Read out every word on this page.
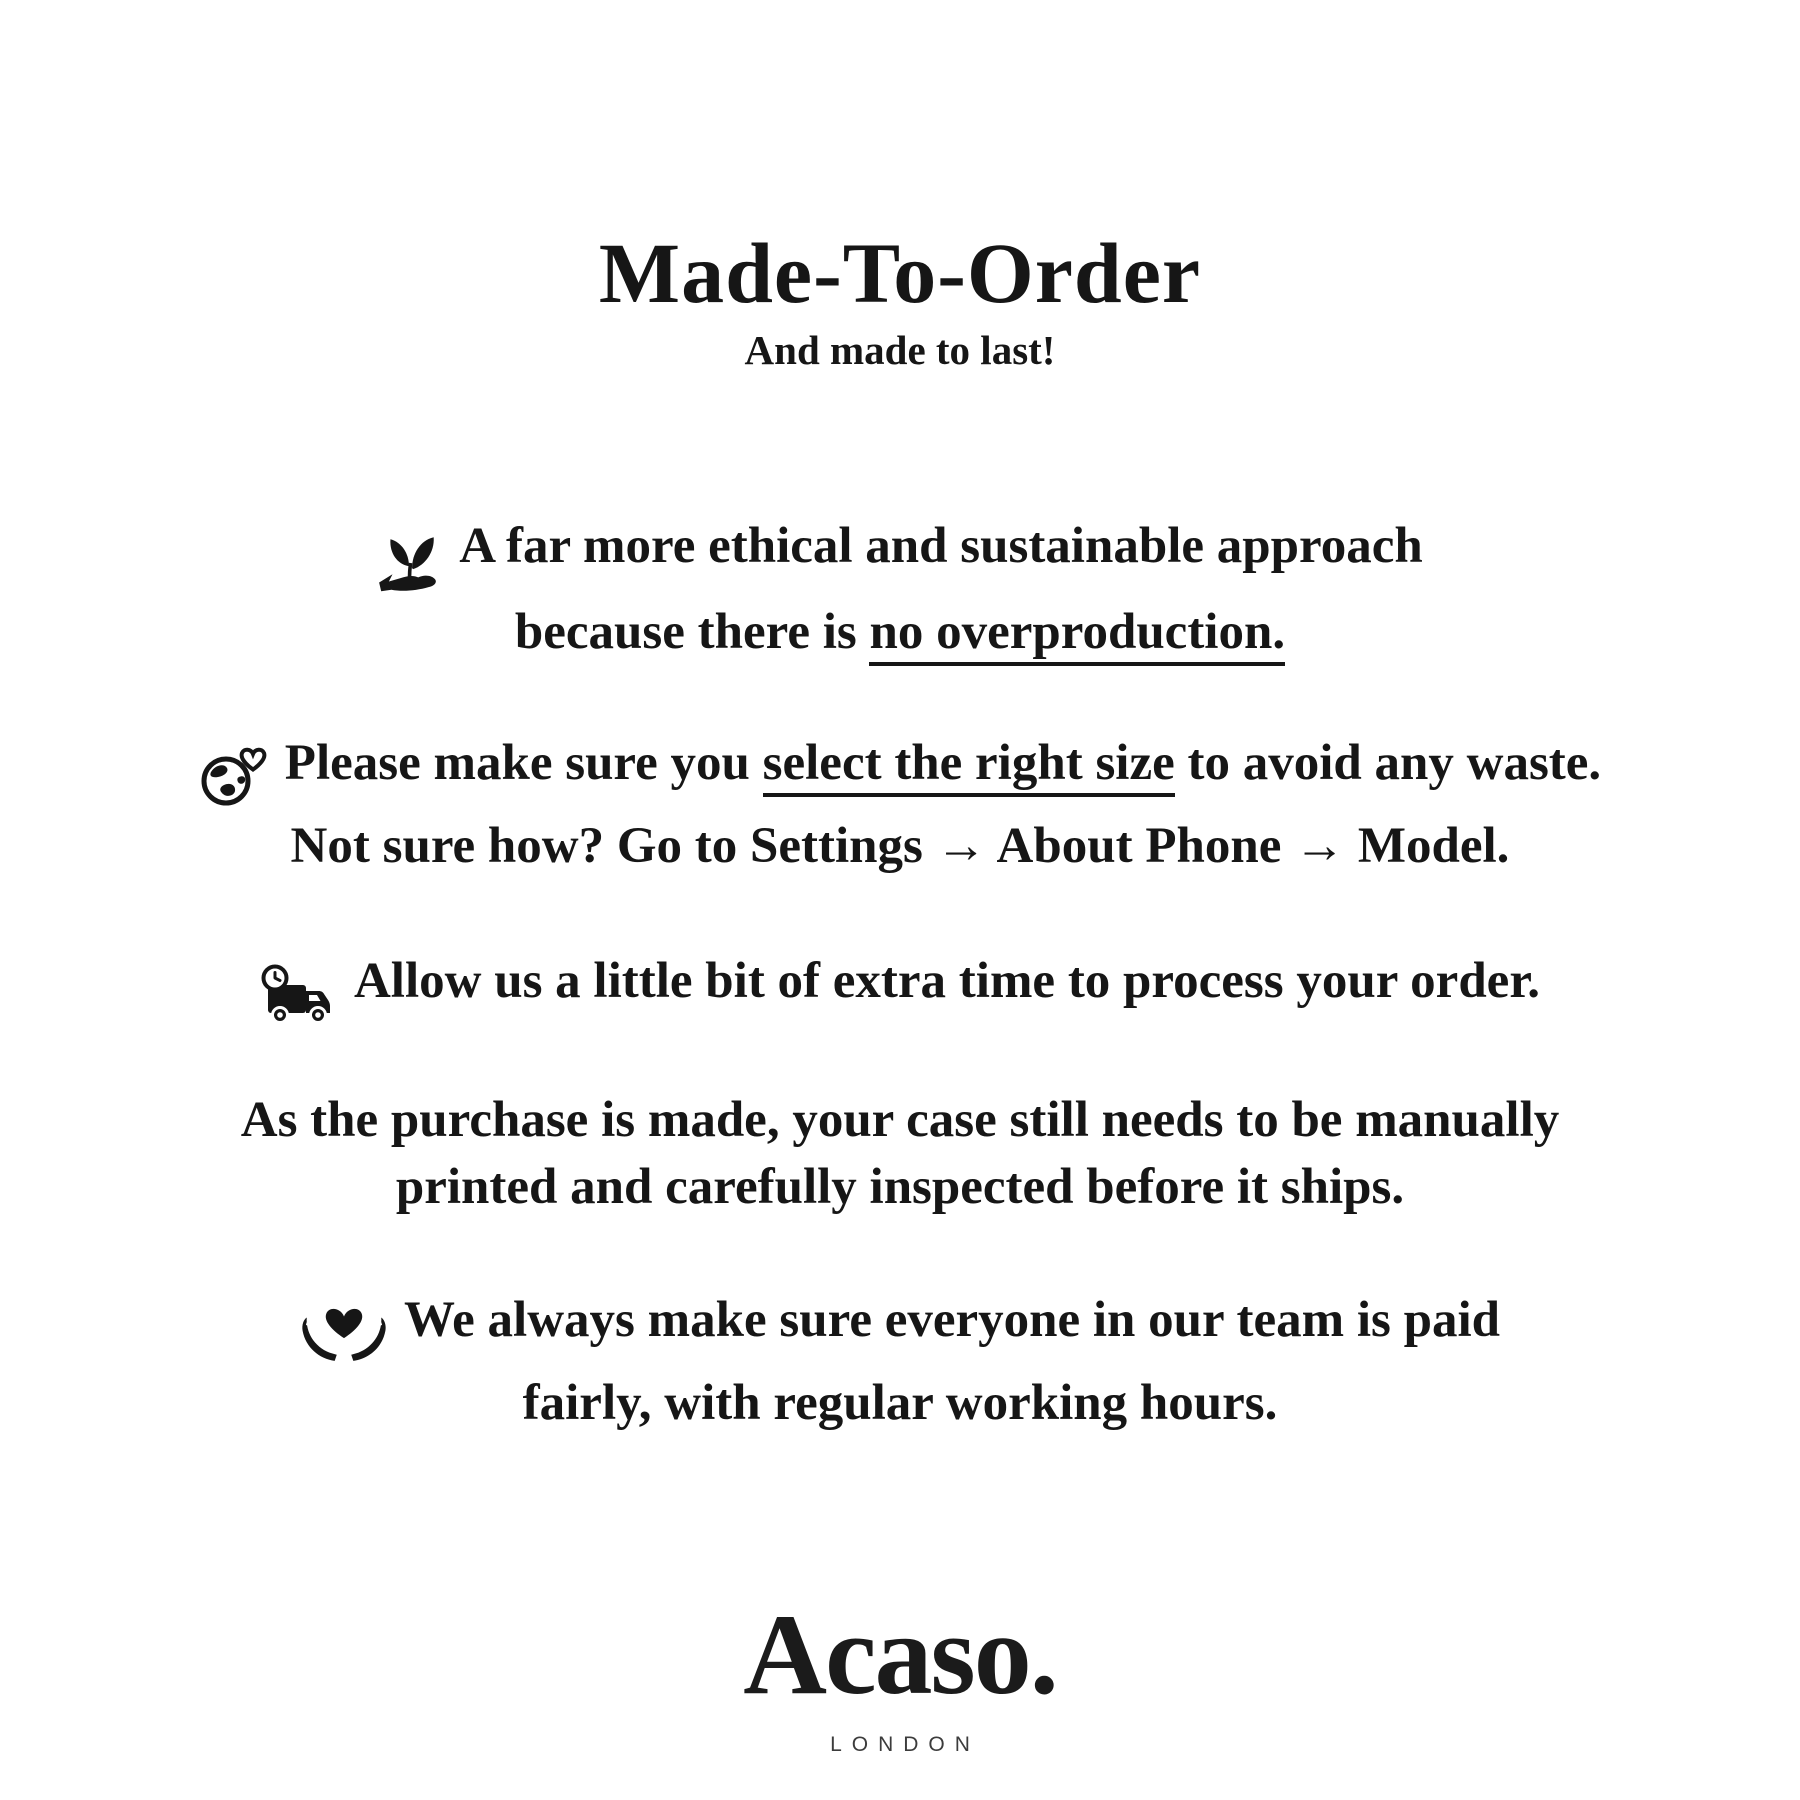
Made-To-Order
And made to last!

A far more ethical and sustainable approach
because there is no overproduction.

Please make sure you select the right size to avoid any waste.
Not sure how? Go to Settings → About Phone → Model.

Allow us a little bit of extra time to process your order.

As the purchase is made, your case still needs to be manually
printed and carefully inspected before it ships.

We always make sure everyone in our team is paid
fairly, with regular working hours.

Acaso.
LONDON
